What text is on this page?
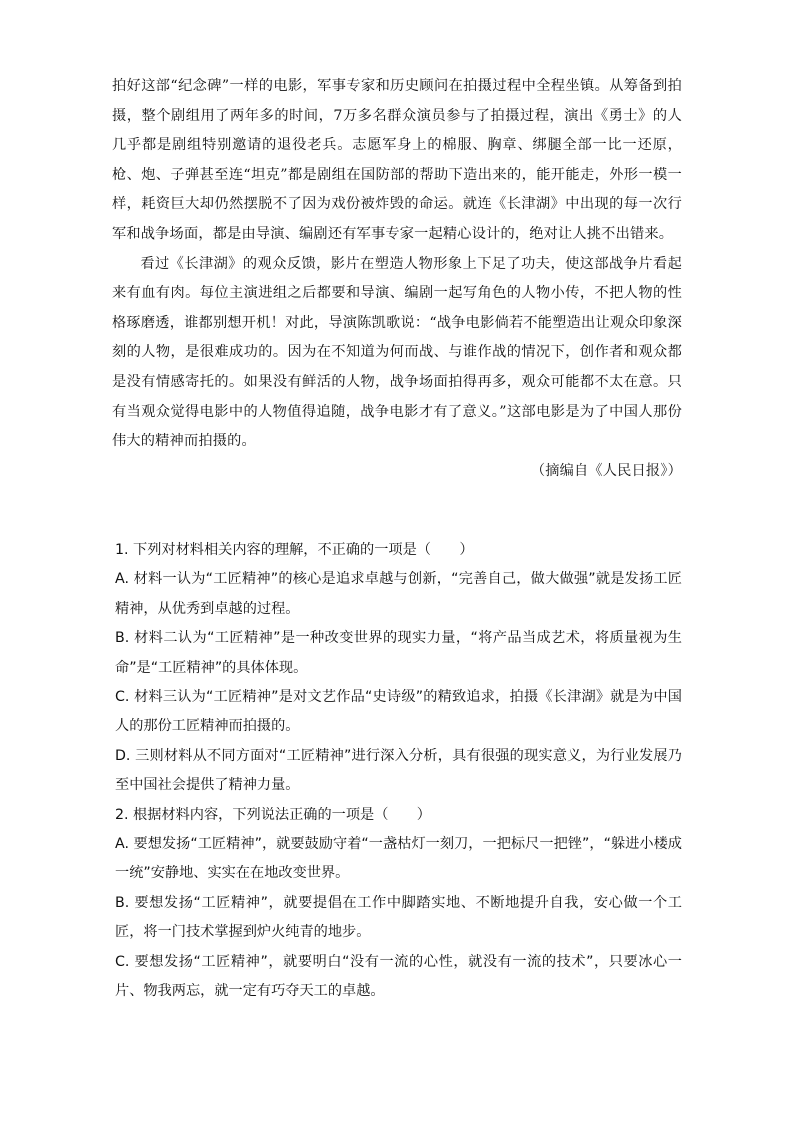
拍好这部“纪念碑”一样的电影，军事专家和历史顾问在拍摄过程中全程坐镇。从筹备到拍摄，整个剧组用了两年多的时间，7万多名群众演员参与了拍摄过程，演出《勇士》的人几乎都是剧组特别邀请的退役老兵。志愿军身上的棉服、胸章、绑腿全部一比一还原，枪、炮、子弹甚至连“坦克”都是剧组在国防部的帮助下造出来的，能开能走，外形一模一样，耗资巨大却仍然摆脱不了因为戏份被炸毁的命运。就连《长津湖》中出现的每一次行军和战争场面，都是由导演、编剧还有军事专家一起精心设计的，绝对让人挑不出错来。

看过《长津湖》的观众反馈，影片在塑造人物形象上下足了功夫，使这部战争片看起来有血有肉。每位主演进组之后都要和导演、编剧一起写角色的人物小传，不把人物的性格琢磨透，谁都别想开机！对此，导演陈凯歌说：“战争电影倘若不能塑造出让观众印象深刻的人物，是很难成功的。因为在不知道为何而战、与谁作战的情况下，创作者和观众都是没有情感寄托的。如果没有鲜活的人物，战争场面拍得再多，观众可能都不太在意。只有当观众觉得电影中的人物值得追随，战争电影才有了意义。”这部电影是为了中国人那份伟大的精神而拍摄的。

（摘编自《人民日报》）

1. 下列对材料相关内容的理解，不正确的一项是（　　）

A. 材料一认为“工匠精神”的核心是追求卓越与创新，“完善自己，做大做强”就是发扬工匠精神，从优秀到卓越的过程。

B. 材料二认为“工匠精神”是一种改变世界的现实力量，“将产品当成艺术，将质量视为生命”是“工匠精神”的具体体现。

C. 材料三认为“工匠精神”是对文艺作品“史诗级”的精致追求，拍摄《长津湖》就是为中国人的那份工匠精神而拍摄的。

D. 三则材料从不同方面对“工匠精神”进行深入分析，具有很强的现实意义，为行业发展乃至中国社会提供了精神力量。

2. 根据材料内容，下列说法正确的一项是（　　）

A. 要想发扬“工匠精神”，就要鼓励守着“一盏枯灯一刻刀，一把标尺一把锉”，“躲进小楼成一统”安静地、实实在在地改变世界。

B. 要想发扬“工匠精神”，就要提倡在工作中脚踏实地、不断地提升自我，安心做一个工匠，将一门技术掌握到炉火纯青的地步。

C. 要想发扬“工匠精神”，就要明白“没有一流的心性，就没有一流的技术”，只要冰心一片、物我两忘，就一定有巧夺天工的卓越。
